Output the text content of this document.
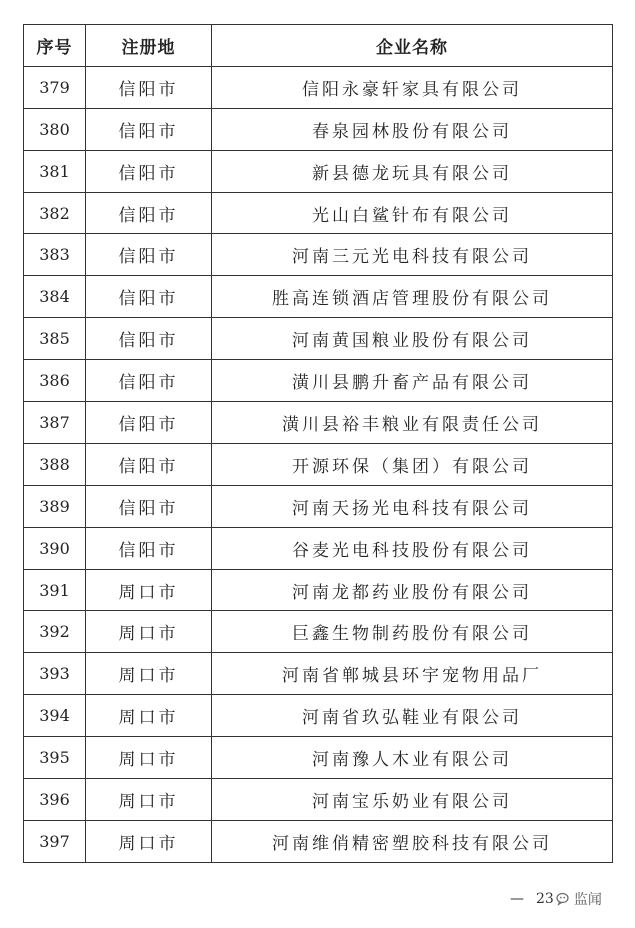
序号	注册地	企业名称
379	信阳市	信阳永豪轩家具有限公司
380	信阳市	春泉园林股份有限公司
381	信阳市	新县德龙玩具有限公司
382	信阳市	光山白鲨针布有限公司
383	信阳市	河南三元光电科技有限公司
384	信阳市	胜高连锁酒店管理股份有限公司
385	信阳市	河南黄国粮业股份有限公司
386	信阳市	潢川县鹏升畜产品有限公司
387	信阳市	潢川县裕丰粮业有限责任公司
388	信阳市	开源环保（集团）有限公司
389	信阳市	河南天扬光电科技有限公司
390	信阳市	谷麦光电科技股份有限公司
391	周口市	河南龙都药业股份有限公司
392	周口市	巨鑫生物制药股份有限公司
393	周口市	河南省郸城县环宇宠物用品厂
394	周口市	河南省玖弘鞋业有限公司
395	周口市	河南豫人木业有限公司
396	周口市	河南宝乐奶业有限公司
397	周口市	河南维俏精密塑胶科技有限公司
— 23 监闻
